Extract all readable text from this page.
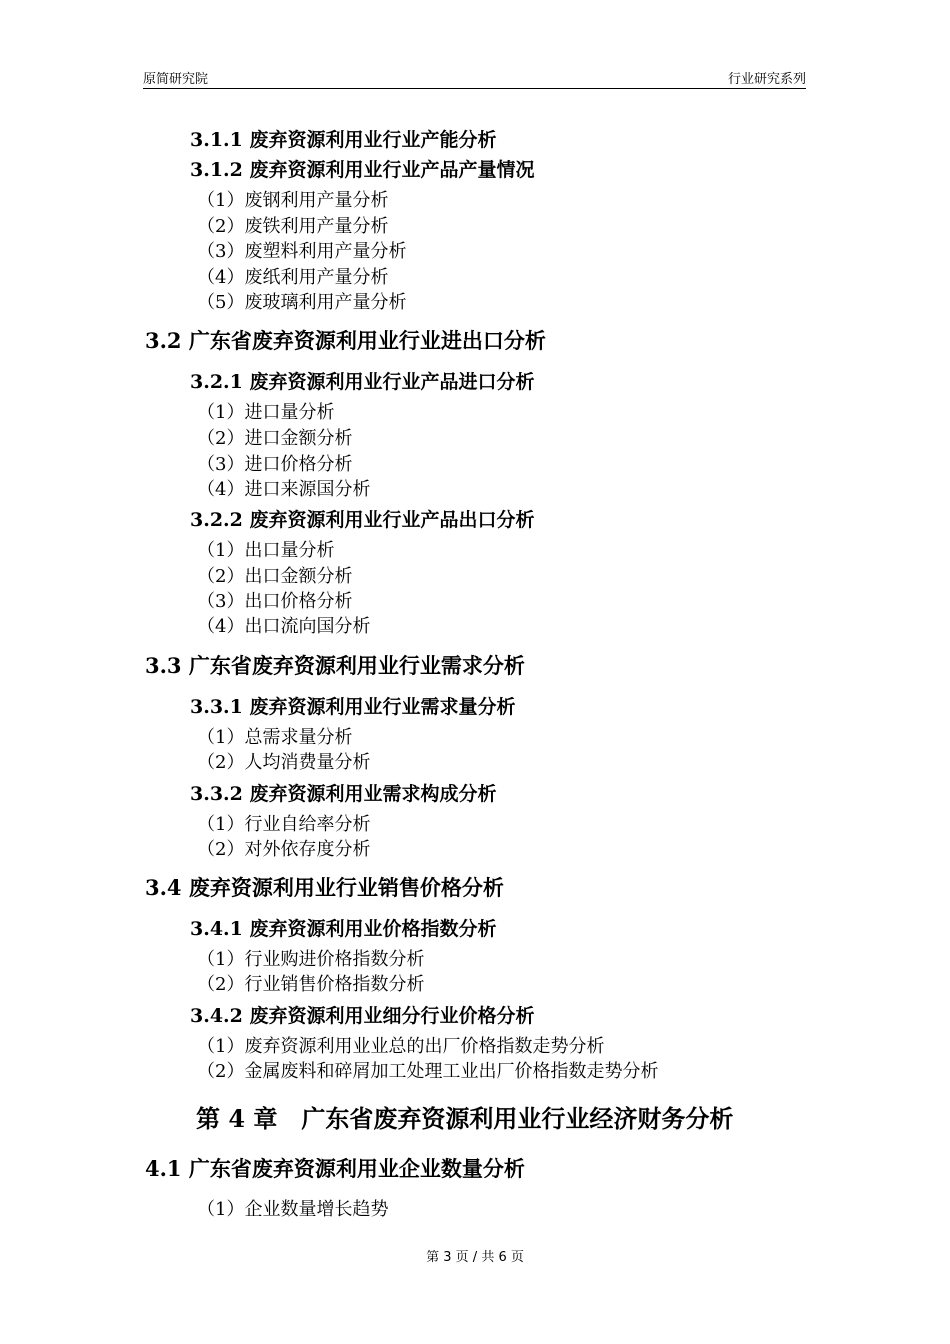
原简研究院	行业研究系列
3.1.1 废弃资源利用业行业产能分析
3.1.2 废弃资源利用业行业产品产量情况
（1）废钢利用产量分析
（2）废铁利用产量分析
（3）废塑料利用产量分析
（4）废纸利用产量分析
（5）废玻璃利用产量分析
3.2 广东省废弃资源利用业行业进出口分析
3.2.1 废弃资源利用业行业产品进口分析
（1）进口量分析
（2）进口金额分析
（3）进口价格分析
（4）进口来源国分析
3.2.2 废弃资源利用业行业产品出口分析
（1）出口量分析
（2）出口金额分析
（3）出口价格分析
（4）出口流向国分析
3.3 广东省废弃资源利用业行业需求分析
3.3.1 废弃资源利用业行业需求量分析
（1）总需求量分析
（2）人均消费量分析
3.3.2 废弃资源利用业需求构成分析
（1）行业自给率分析
（2）对外依存度分析
3.4 废弃资源利用业行业销售价格分析
3.4.1 废弃资源利用业价格指数分析
（1）行业购进价格指数分析
（2）行业销售价格指数分析
3.4.2 废弃资源利用业细分行业价格分析
（1）废弃资源利用业业总的出厂价格指数走势分析
（2）金属废料和碎屑加工处理工业出厂价格指数走势分析
第 4 章　广东省废弃资源利用业行业经济财务分析
4.1 广东省废弃资源利用业企业数量分析
（1）企业数量增长趋势
第 3 页 / 共 6 页
